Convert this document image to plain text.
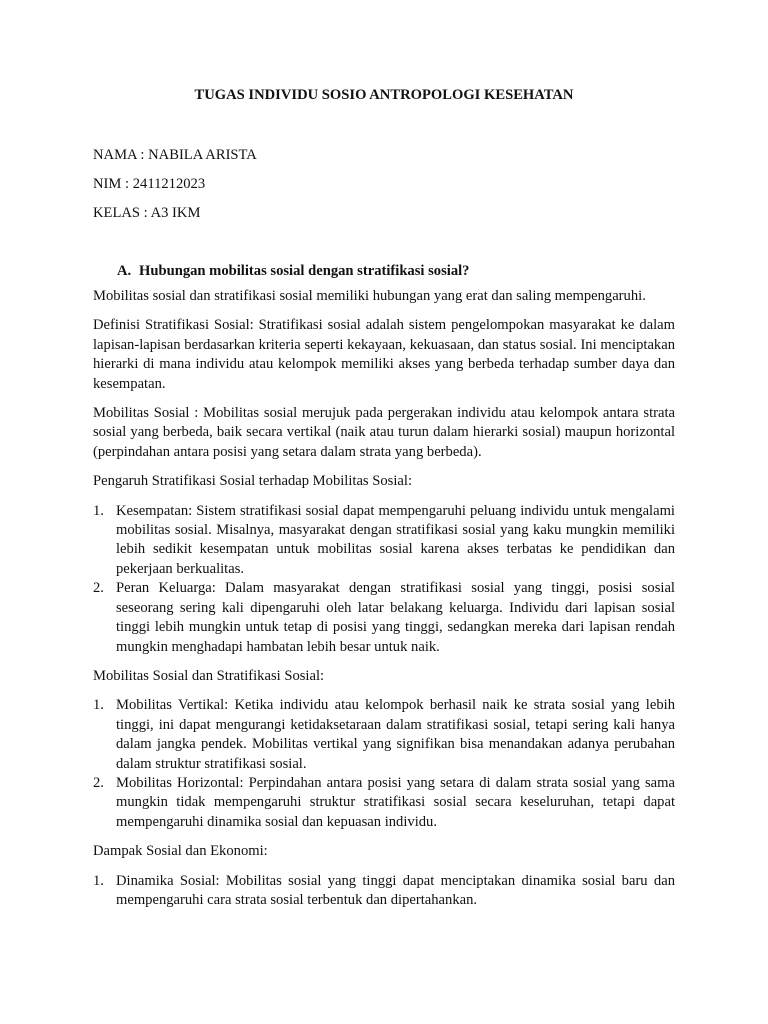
TUGAS INDIVIDU SOSIO ANTROPOLOGI KESEHATAN
NAMA : NABILA ARISTA
NIM : 2411212023
KELAS : A3 IKM
A. Hubungan mobilitas sosial dengan stratifikasi sosial?

Mobilitas sosial dan stratifikasi sosial memiliki hubungan yang erat dan saling mempengaruhi.

Definisi Stratifikasi Sosial: Stratifikasi sosial adalah sistem pengelompokan masyarakat ke dalam lapisan-lapisan berdasarkan kriteria seperti kekayaan, kekuasaan, dan status sosial. Ini menciptakan hierarki di mana individu atau kelompok memiliki akses yang berbeda terhadap sumber daya dan kesempatan.

Mobilitas Sosial : Mobilitas sosial merujuk pada pergerakan individu atau kelompok antara strata sosial yang berbeda, baik secara vertikal (naik atau turun dalam hierarki sosial) maupun horizontal (perpindahan antara posisi yang setara dalam strata yang berbeda).

Pengaruh Stratifikasi Sosial terhadap Mobilitas Sosial:

1. Kesempatan: Sistem stratifikasi sosial dapat mempengaruhi peluang individu untuk mengalami mobilitas sosial. Misalnya, masyarakat dengan stratifikasi sosial yang kaku mungkin memiliki lebih sedikit kesempatan untuk mobilitas sosial karena akses terbatas ke pendidikan dan pekerjaan berkualitas.
2. Peran Keluarga: Dalam masyarakat dengan stratifikasi sosial yang tinggi, posisi sosial seseorang sering kali dipengaruhi oleh latar belakang keluarga. Individu dari lapisan sosial tinggi lebih mungkin untuk tetap di posisi yang tinggi, sedangkan mereka dari lapisan rendah mungkin menghadapi hambatan lebih besar untuk naik.

Mobilitas Sosial dan Stratifikasi Sosial:

1. Mobilitas Vertikal: Ketika individu atau kelompok berhasil naik ke strata sosial yang lebih tinggi, ini dapat mengurangi ketidaksetaraan dalam stratifikasi sosial, tetapi sering kali hanya dalam jangka pendek. Mobilitas vertikal yang signifikan bisa menandakan adanya perubahan dalam struktur stratifikasi sosial.
2. Mobilitas Horizontal: Perpindahan antara posisi yang setara di dalam strata sosial yang sama mungkin tidak mempengaruhi struktur stratifikasi sosial secara keseluruhan, tetapi dapat mempengaruhi dinamika sosial dan kepuasan individu.

Dampak Sosial dan Ekonomi:

1. Dinamika Sosial: Mobilitas sosial yang tinggi dapat menciptakan dinamika sosial baru dan mempengaruhi cara strata sosial terbentuk dan dipertahankan.
